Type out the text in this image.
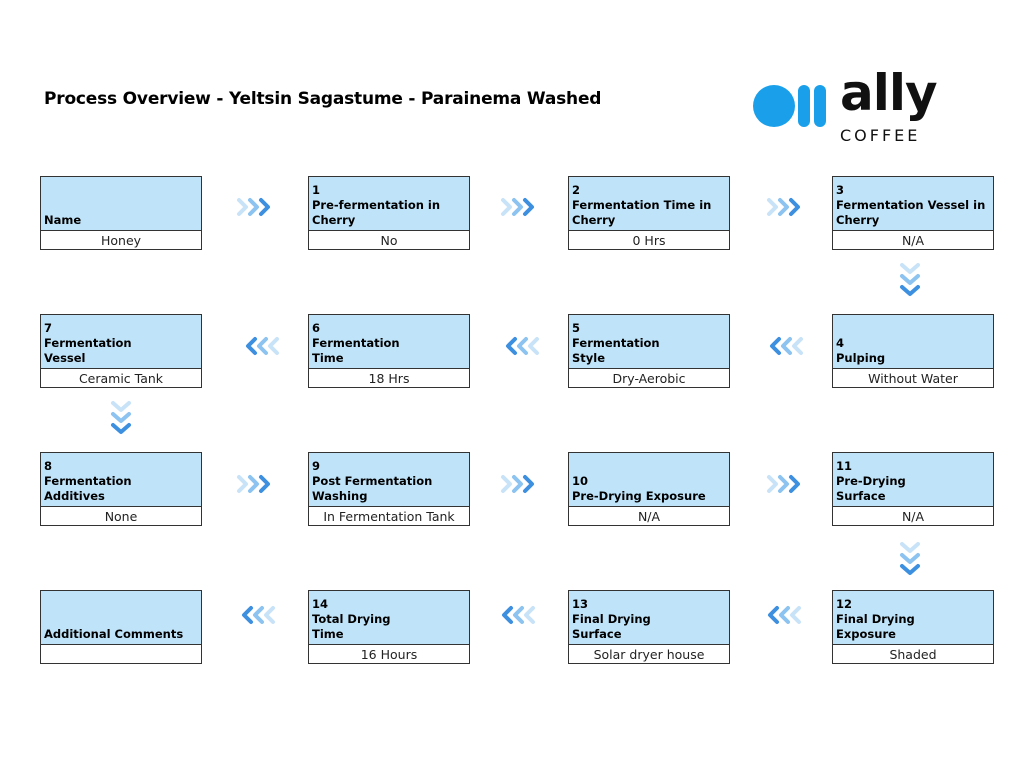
Process Overview - Yeltsin Sagastume - Parainema Washed	ally
COFFEE
Name
Honey
1
Pre-fermentation in Cherry
No
2
Fermentation Time in Cherry
0 Hrs
3
Fermentation Vessel in Cherry
N/A
4
Pulping
Without Water
5
Fermentation Style
Dry-Aerobic
6
Fermentation Time
18 Hrs
7
Fermentation Vessel
Ceramic Tank
8
Fermentation Additives
None
9
Post Fermentation Washing
In Fermentation Tank
10
Pre-Drying Exposure
N/A
11
Pre-Drying Surface
N/A
12
Final Drying Exposure
Shaded
13
Final Drying Surface
Solar dryer house
14
Total Drying Time
16 Hours
Additional Comments
